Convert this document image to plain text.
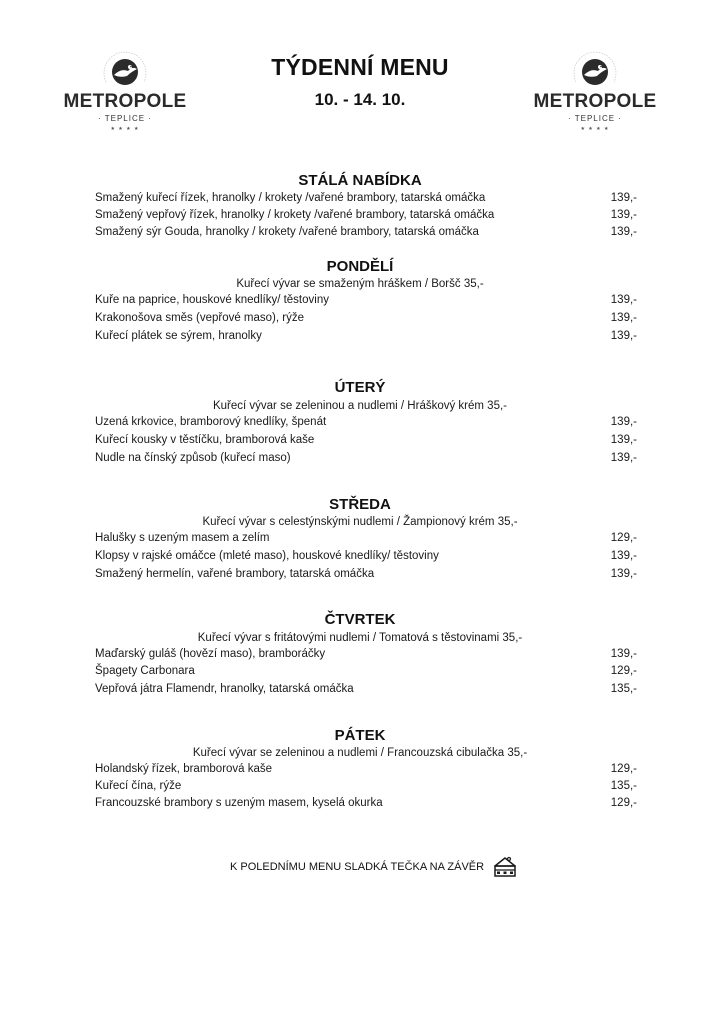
METROPOLE
· TEPLICE ·
★ ★ ★ ★
METROPOLE
· TEPLICE ·
★ ★ ★ ★
TÝDENNÍ MENU
10. - 14. 10.
STÁLÁ NABÍDKA
Smažený kuřecí řízek, hranolky / krokety /vařené brambory, tatarská omáčka	139,-
Smažený vepřový řízek, hranolky / krokety /vařené brambory, tatarská omáčka	139,-
Smažený sýr Gouda, hranolky / krokety /vařené brambory, tatarská omáčka	139,-
PONDĚLÍ
Kuřecí vývar se smaženým hráškem / Boršč 35,-
Kuře na paprice, houskové knedlíky/ těstoviny	139,-
Krakonošova směs (vepřové maso), rýže	139,-
Kuřecí plátek se sýrem, hranolky	139,-
ÚTERÝ
Kuřecí vývar se zeleninou a nudlemi / Hráškový krém 35,-
Uzená krkovice, bramborový knedlíky, špenát	139,-
Kuřecí kousky v těstíčku, bramborová kaše	139,-
Nudle na čínský způsob (kuřecí maso)	139,-
STŘEDA
Kuřecí vývar s celestýnskými nudlemi / Žampionový krém 35,-
Halušky s uzeným masem a zelím	129,-
Klopsy v rajské omáčce (mleté maso), houskové knedlíky/ těstoviny	139,-
Smažený hermelín, vařené brambory, tatarská omáčka	139,-
ČTVRTEK
Kuřecí vývar s fritátovými nudlemi / Tomatová s těstovinami 35,-
Maďarský guláš (hovězí maso), bramboráčky	139,-
Špagety Carbonara	129,-
Vepřová játra Flamendr, hranolky, tatarská omáčka	135,-
PÁTEK
Kuřecí vývar se zeleninou a nudlemi / Francouzská cibulačka 35,-
Holandský řízek, bramborová kaše	129,-
Kuřecí čína, rýže	135,-
Francouzské brambory s uzeným masem, kyselá okurka	129,-
K POLEDNÍMU MENU SLADKÁ TEČKA NA ZÁVĚR
